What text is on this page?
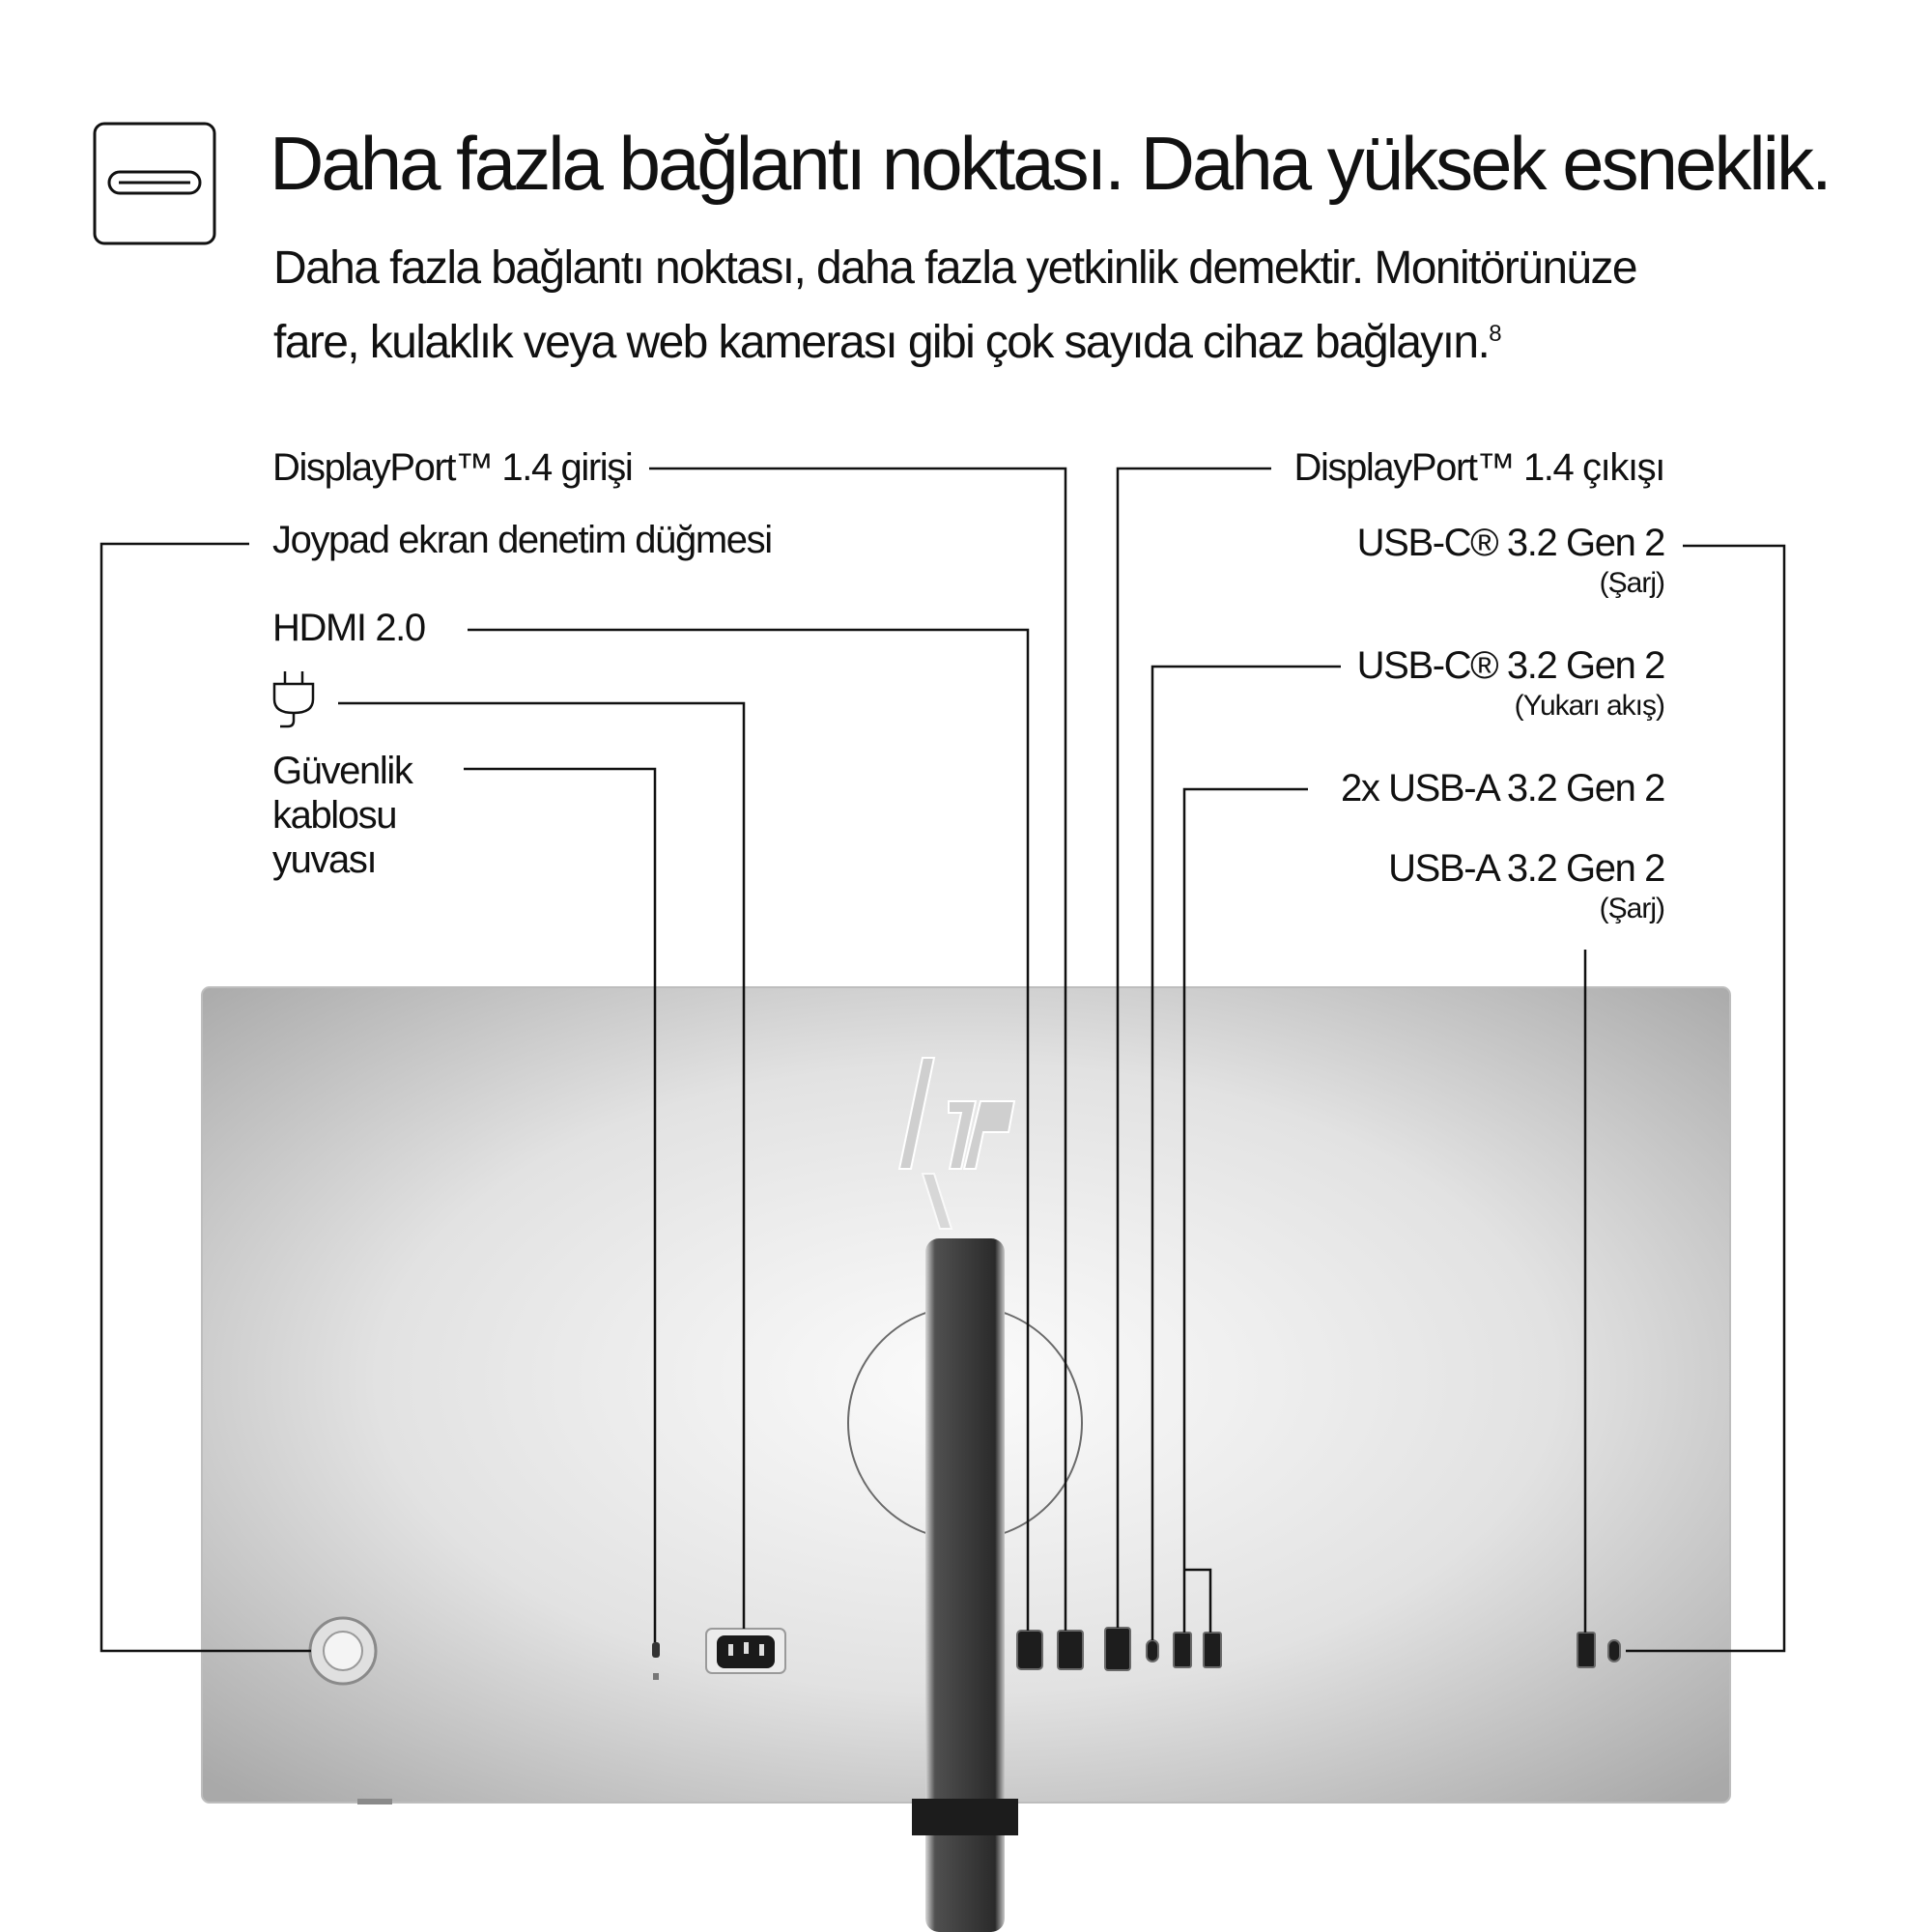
Daha fazla bağlantı noktası. Daha yüksek esneklik.
Daha fazla bağlantı noktası, daha fazla yetkinlik demektir. Monitörünüze
fare, kulaklık veya web kamerası gibi çok sayıda cihaz bağlayın.$^8$
DisplayPort™ 1.4 girişi
Joypad ekran denetim düğmesi
HDMI 2.0
Güvenlik
kablosu
yuvası
DisplayPort™ 1.4 çıkışı
USB-C® 3.2 Gen 2
(Şarj)
USB-C® 3.2 Gen 2
(Yukarı akış)
2x USB-A 3.2 Gen 2
USB-A 3.2 Gen 2
(Şarj)
